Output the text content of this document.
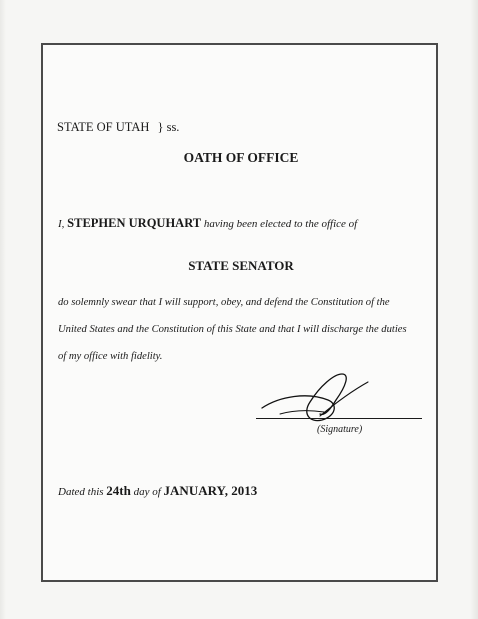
STATE OF UTAH } ss.
OATH OF OFFICE
I, STEPHEN URQUHART having been elected to the office of
STATE SENATOR
do solemnly swear that I will support, obey, and defend the Constitution of the
United States and the Constitution of this State and that I will discharge the duties
of my office with fidelity.
(Signature)
Dated this 24th day of JANUARY, 2013
